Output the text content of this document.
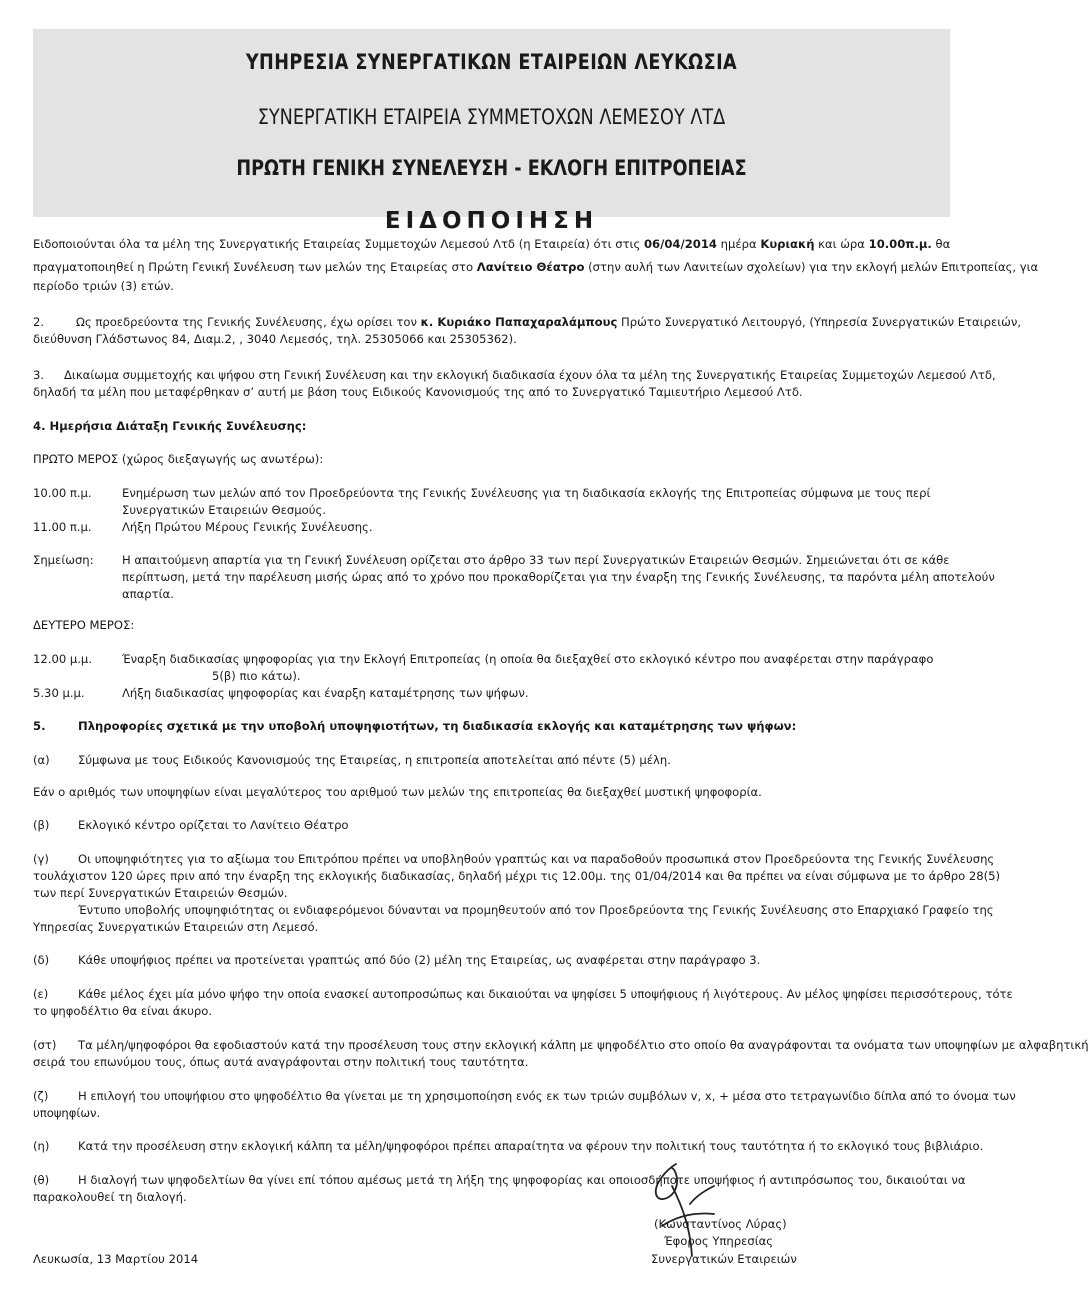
ΥΠΗΡΕΣΙΑ ΣΥΝΕΡΓΑΤΙΚΩΝ ΕΤΑΙΡΕΙΩΝ ΛΕΥΚΩΣΙΑ
ΣΥΝΕΡΓΑΤΙΚΗ ΕΤΑΙΡΕΙΑ ΣΥΜΜΕΤΟΧΩΝ ΛΕΜΕΣΟΥ ΛΤΔ
ΠΡΩΤΗ ΓΕΝΙΚΗ ΣΥΝΕΛΕΥΣΗ - ΕΚΛΟΓΗ ΕΠΙΤΡΟΠΕΙΑΣ
ΕΙΔΟΠΟΙΗΣΗ
Ειδοποιούνται όλα τα μέλη της Συνεργατικής Εταιρείας Συμμετοχών Λεμεσού Λτδ (η Εταιρεία) ότι στις 06/04/2014 ημέρα Κυριακή και ώρα 10.00π.μ. θα
πραγματοποιηθεί η Πρώτη Γενική Συνέλευση των μελών της Εταιρείας στο Λανίτειο Θέατρο (στην αυλή των Λανιτείων σχολείων) για την εκλογή μελών Επιτροπείας, για
περίοδο τριών (3) ετών.
2.	Ως προεδρεύοντα της Γενικής Συνέλευσης, έχω ορίσει τον κ. Κυριάκο Παπαχαραλάμπους Πρώτο Συνεργατικό Λειτουργό, (Υπηρεσία Συνεργατικών Εταιρειών,
διεύθυνση Γλάδστωνος 84, Διαμ.2, , 3040 Λεμεσός, τηλ. 25305066 και 25305362).
3. Δικαίωμα συμμετοχής και ψήφου στη Γενική Συνέλευση και την εκλογική διαδικασία έχουν όλα τα μέλη της Συνεργατικής Εταιρείας Συμμετοχών Λεμεσού Λτδ,
δηλαδή τα μέλη που μεταφέρθηκαν σ’ αυτή με βάση τους Ειδικούς Κανονισμούς της από το Συνεργατικό Ταμιευτήριο Λεμεσού Λτδ.
4. Ημερήσια Διάταξη Γενικής Συνέλευσης:
ΠΡΩΤΟ ΜΕΡΟΣ (χώρος διεξαγωγής ως ανωτέρω):
10.00 π.μ.	Ενημέρωση των μελών από τον Προεδρεύοντα της Γενικής Συνέλευσης για τη διαδικασία εκλογής της Επιτροπείας σύμφωνα με τους περί
Συνεργατικών Εταιρειών Θεσμούς.
11.00 π.μ.	Λήξη Πρώτου Μέρους Γενικής Συνέλευσης.
Σημείωση: Η απαιτούμενη απαρτία για τη Γενική Συνέλευση ορίζεται στο άρθρο 33 των περί Συνεργατικών Εταιρειών Θεσμών. Σημειώνεται ότι σε κάθε
περίπτωση, μετά την παρέλευση μισής ώρας από το χρόνο που προκαθορίζεται για την έναρξη της Γενικής Συνέλευσης, τα παρόντα μέλη αποτελούν
απαρτία.
ΔΕΥΤΕΡΟ ΜΕΡΟΣ:
12.00 μ.μ.	Έναρξη διαδικασίας ψηφοφορίας για την Εκλογή Επιτροπείας (η οποία θα διεξαχθεί στο εκλογικό κέντρο που αναφέρεται στην παράγραφο
5(β) πιο κάτω).
5.30 μ.μ.	Λήξη διαδικασίας ψηφοφορίας και έναρξη καταμέτρησης των ψήφων.
5.	Πληροφορίες σχετικά με την υποβολή υποψηφιοτήτων, τη διαδικασία εκλογής και καταμέτρησης των ψήφων:
(α) Σύμφωνα με τους Ειδικούς Κανονισμούς της Εταιρείας, η επιτροπεία αποτελείται από πέντε (5) μέλη.
Εάν ο αριθμός των υποψηφίων είναι μεγαλύτερος του αριθμού των μελών της επιτροπείας θα διεξαχθεί μυστική ψηφοφορία.
(β) Εκλογικό κέντρο ορίζεται το Λανίτειο Θέατρο
(γ)	Οι υποψηφιότητες για το αξίωμα του Επιτρόπου πρέπει να υποβληθούν γραπτώς και να παραδοθούν προσωπικά στον Προεδρεύοντα της Γενικής Συνέλευσης
τουλάχιστον 120 ώρες πριν από την έναρξη της εκλογικής διαδικασίας, δηλαδή μέχρι τις 12.00μ. της 01/04/2014 και θα πρέπει να είναι σύμφωνα με το άρθρο 28(5)
των περί Συνεργατικών Εταιρειών Θεσμών.
Έντυπο υποβολής υποψηφιότητας οι ενδιαφερόμενοι δύνανται να προμηθευτούν από τον Προεδρεύοντα της Γενικής Συνέλευσης στο Επαρχιακό Γραφείο της
Υπηρεσίας Συνεργατικών Εταιρειών στη Λεμεσό.
(δ) Κάθε υποψήφιος πρέπει να προτείνεται γραπτώς από δύο (2) μέλη της Εταιρείας, ως αναφέρεται στην παράγραφο 3.
(ε)	Κάθε μέλος έχει μία μόνο ψήφο την οποία ενασκεί αυτοπροσώπως και δικαιούται να ψηφίσει 5 υποψήφιους ή λιγότερους. Αν μέλος ψηφίσει περισσότερους, τότε
το ψηφοδέλτιο θα είναι άκυρο.
(στ) Τα μέλη/ψηφοφόροι θα εφοδιαστούν κατά την προσέλευση τους στην εκλογική κάλπη με ψηφοδέλτιο στο οποίο θα αναγράφονται τα ονόματα των υποψηφίων με αλφαβητική
σειρά του επωνύμου τους, όπως αυτά αναγράφονται στην πολιτική τους ταυτότητα.
(ζ)	Η επιλογή του υποψήφιου στο ψηφοδέλτιο θα γίνεται με τη χρησιμοποίηση ενός εκ των τριών συμβόλων v, x, + μέσα στο τετραγωνίδιο δίπλα από το όνομα των
υποψηφίων.
(η) Κατά την προσέλευση στην εκλογική κάλπη τα μέλη/ψηφοφόροι πρέπει απαραίτητα να φέρουν την πολιτική τους ταυτότητα ή το εκλογικό τους βιβλιάριο.
(θ) Η διαλογή των ψηφοδελτίων θα γίνει επί τόπου αμέσως μετά τη λήξη της ψηφοφορίας και οποιοσδήποτε υποψήφιος ή αντιπρόσωπος του, δικαιούται να
παρακολουθεί τη διαλογή.
Λευκωσία, 13 Μαρτίου 2014
(Κωνσταντίνος Λύρας)
Έφορος Υπηρεσίας
Συνεργατικών Εταιρειών
